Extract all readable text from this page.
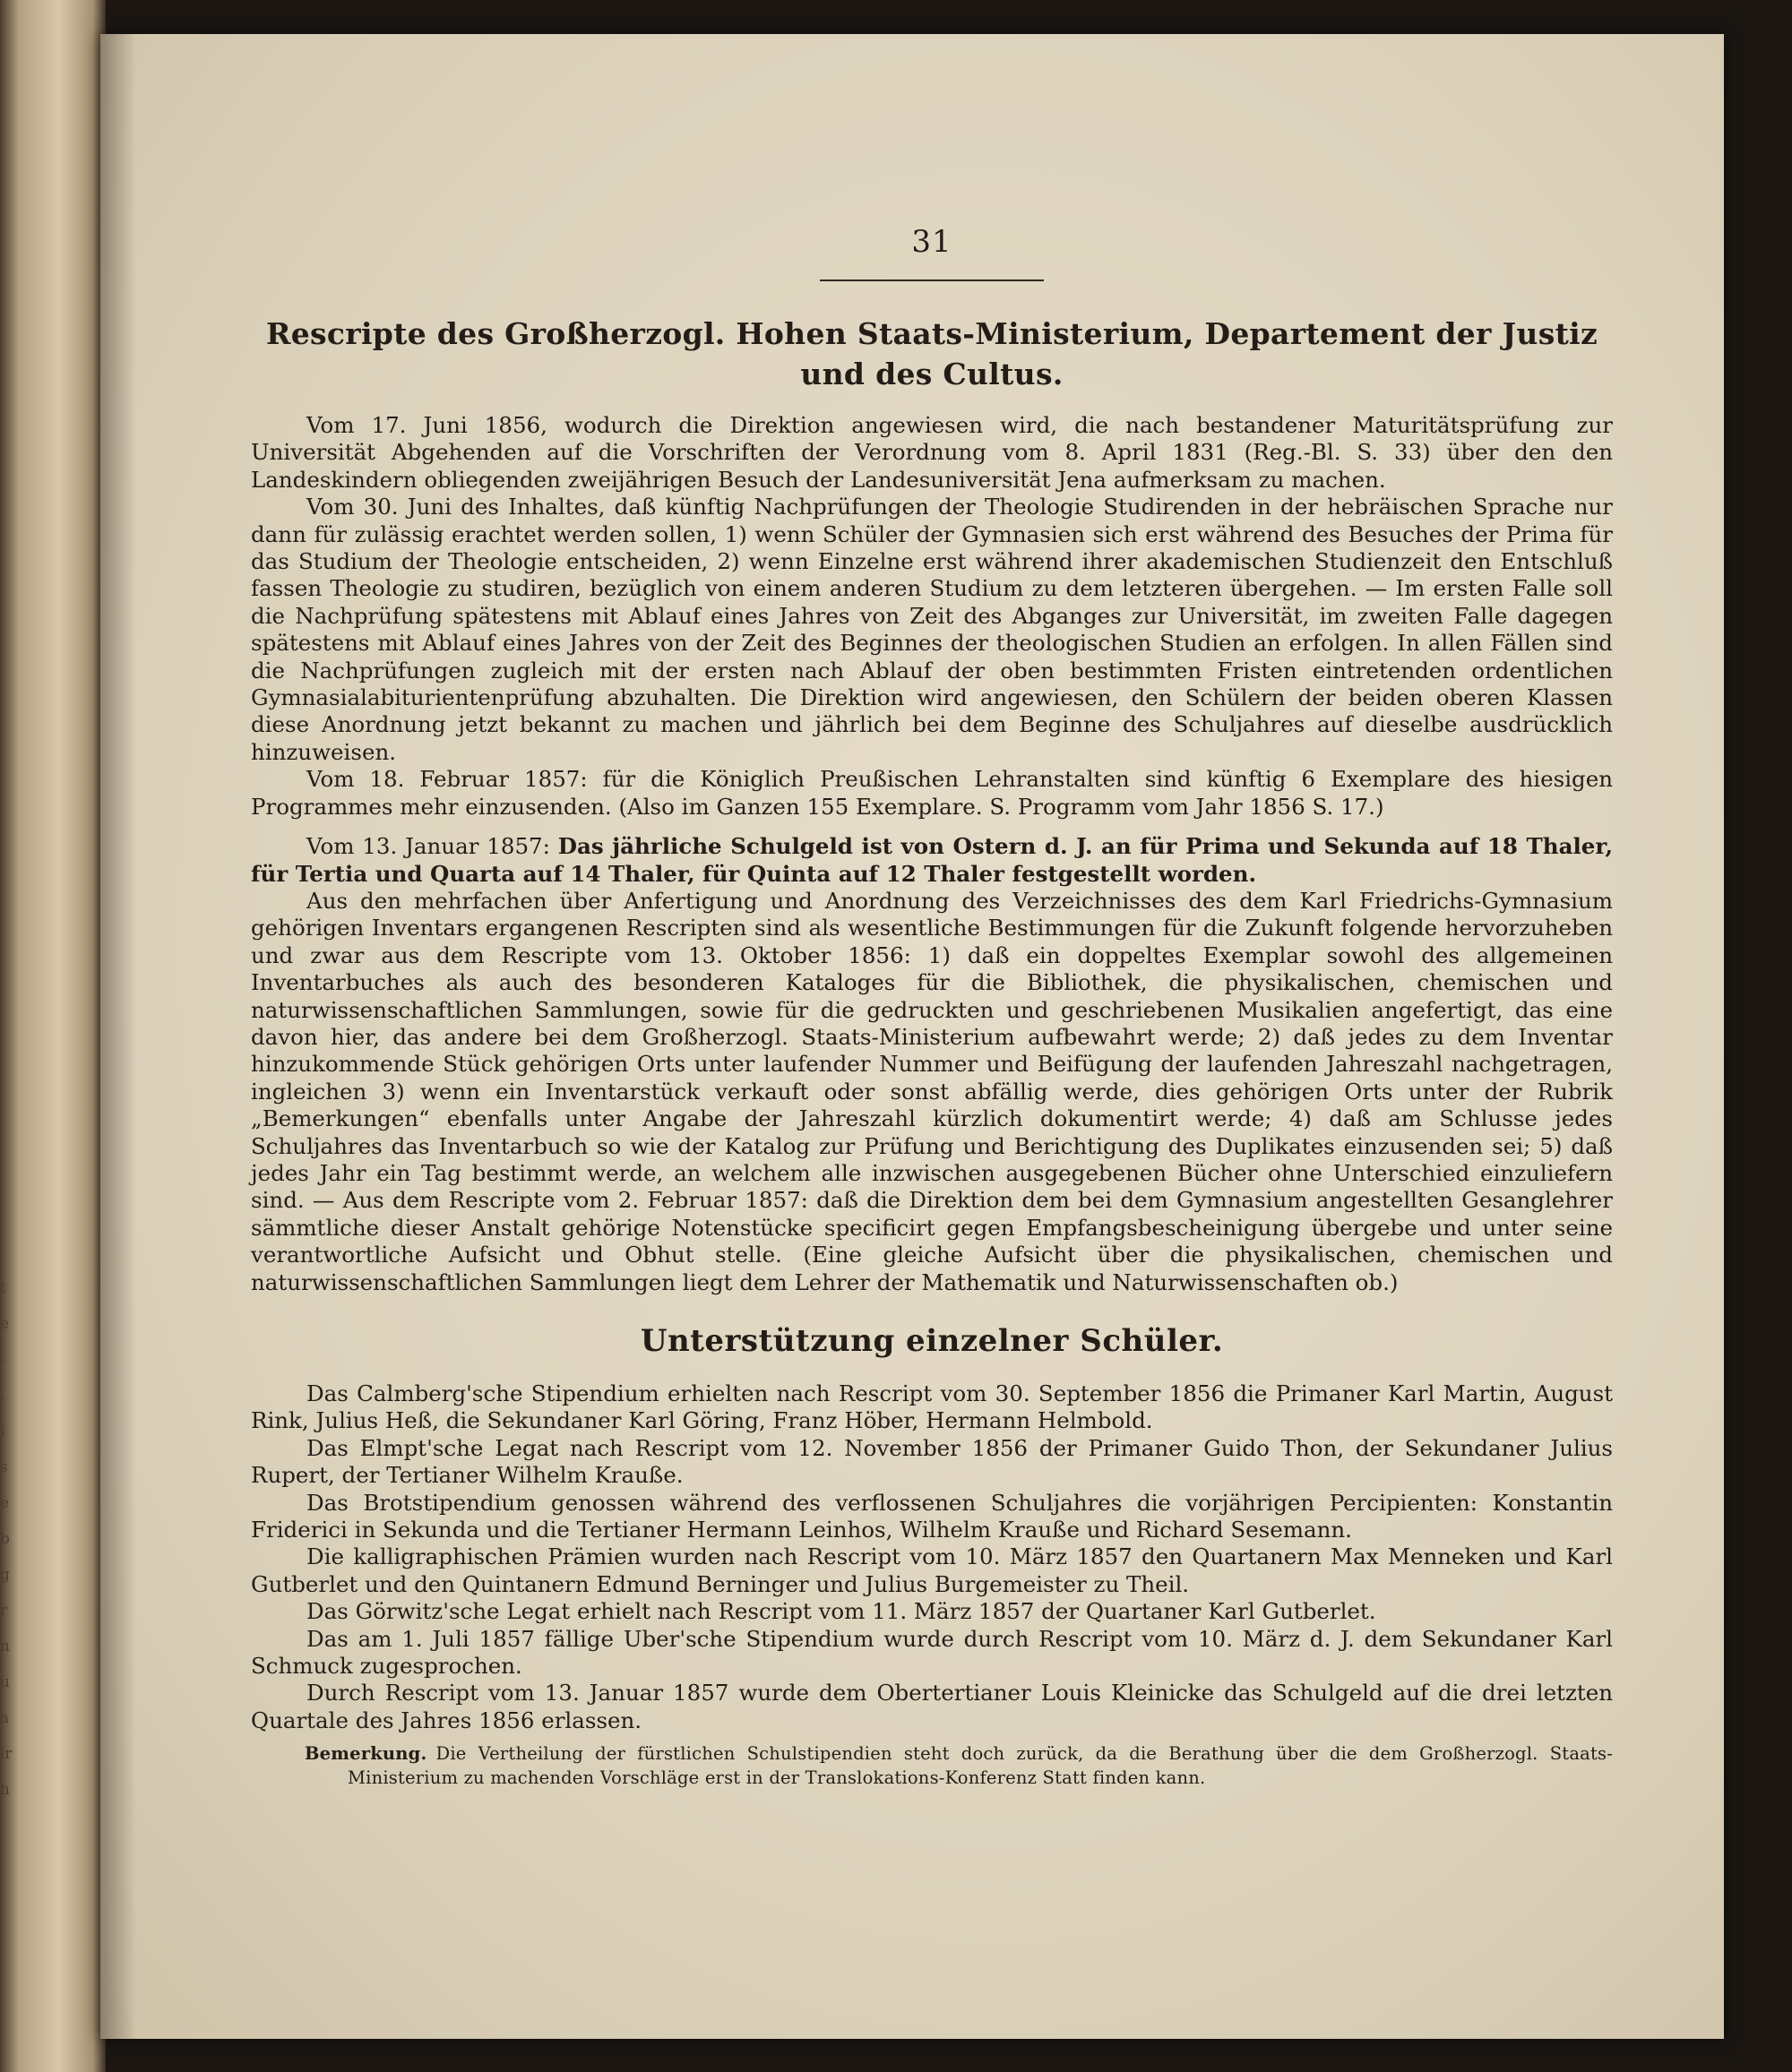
t
e
-
.
i
s
e
b
g
r
n
u
a
ir
h
31
Rescripte des Großherzogl. Hohen Staats-Ministerium, Departement der Justiz und des Cultus.

Vom 17. Juni 1856, wodurch die Direktion angewiesen wird, die nach bestandener Maturitätsprüfung zur Universität Abgehenden auf die Vorschriften der Verordnung vom 8. April 1831 (Reg.-Bl. S. 33) über den den Landeskindern obliegenden zweijährigen Besuch der Landesuniversität Jena aufmerksam zu machen.

Vom 30. Juni des Inhaltes, daß künftig Nachprüfungen der Theologie Studirenden in der hebräischen Sprache nur dann für zulässig erachtet werden sollen, 1) wenn Schüler der Gymnasien sich erst während des Besuches der Prima für das Studium der Theologie entscheiden, 2) wenn Einzelne erst während ihrer akademischen Studienzeit den Entschluß fassen Theologie zu studiren, bezüglich von einem anderen Studium zu dem letzteren übergehen. — Im ersten Falle soll die Nachprüfung spätestens mit Ablauf eines Jahres von Zeit des Abganges zur Universität, im zweiten Falle dagegen spätestens mit Ablauf eines Jahres von der Zeit des Beginnes der theologischen Studien an erfolgen. In allen Fällen sind die Nachprüfungen zugleich mit der ersten nach Ablauf der oben bestimmten Fristen eintretenden ordentlichen Gymnasialabiturientenprüfung abzuhalten. Die Direktion wird angewiesen, den Schülern der beiden oberen Klassen diese Anordnung jetzt bekannt zu machen und jährlich bei dem Beginne des Schuljahres auf dieselbe ausdrücklich hinzuweisen.

Vom 18. Februar 1857: für die Königlich Preußischen Lehranstalten sind künftig 6 Exemplare des hiesigen Programmes mehr einzusenden. (Also im Ganzen 155 Exemplare. S. Programm vom Jahr 1856 S. 17.)

Vom 13. Januar 1857: Das jährliche Schulgeld ist von Ostern d. J. an für Prima und Sekunda auf 18 Thaler, für Tertia und Quarta auf 14 Thaler, für Quinta auf 12 Thaler festgestellt worden.

Aus den mehrfachen über Anfertigung und Anordnung des Verzeichnisses des dem Karl Friedrichs-Gymnasium gehörigen Inventars ergangenen Rescripten sind als wesentliche Bestimmungen für die Zukunft folgende hervorzuheben und zwar aus dem Rescripte vom 13. Oktober 1856: 1) daß ein doppeltes Exemplar sowohl des allgemeinen Inventarbuches als auch des besonderen Kataloges für die Bibliothek, die physikalischen, chemischen und naturwissenschaftlichen Sammlungen, sowie für die gedruckten und geschriebenen Musikalien angefertigt, das eine davon hier, das andere bei dem Großherzogl. Staats-Ministerium aufbewahrt werde; 2) daß jedes zu dem Inventar hinzukommende Stück gehörigen Orts unter laufender Nummer und Beifügung der laufenden Jahreszahl nachgetragen, ingleichen 3) wenn ein Inventarstück verkauft oder sonst abfällig werde, dies gehörigen Orts unter der Rubrik „Bemerkungen“ ebenfalls unter Angabe der Jahreszahl kürzlich dokumentirt werde; 4) daß am Schlusse jedes Schuljahres das Inventarbuch so wie der Katalog zur Prüfung und Berichtigung des Duplikates einzusenden sei; 5) daß jedes Jahr ein Tag bestimmt werde, an welchem alle inzwischen ausgegebenen Bücher ohne Unterschied einzuliefern sind. — Aus dem Rescripte vom 2. Februar 1857: daß die Direktion dem bei dem Gymnasium angestellten Gesanglehrer sämmtliche dieser Anstalt gehörige Notenstücke specificirt gegen Empfangsbescheinigung übergebe und unter seine verantwortliche Aufsicht und Obhut stelle. (Eine gleiche Aufsicht über die physikalischen, chemischen und naturwissenschaftlichen Sammlungen liegt dem Lehrer der Mathematik und Naturwissenschaften ob.)

Unterstützung einzelner Schüler.

Das Calmberg'sche Stipendium erhielten nach Rescript vom 30. September 1856 die Primaner Karl Martin, August Rink, Julius Heß, die Sekundaner Karl Göring, Franz Höber, Hermann Helmbold.

Das Elmpt'sche Legat nach Rescript vom 12. November 1856 der Primaner Guido Thon, der Sekundaner Julius Rupert, der Tertianer Wilhelm Krauße.

Das Brotstipendium genossen während des verflossenen Schuljahres die vorjährigen Percipienten: Konstantin Friderici in Sekunda und die Tertianer Hermann Leinhos, Wilhelm Krauße und Richard Sesemann.

Die kalligraphischen Prämien wurden nach Rescript vom 10. März 1857 den Quartanern Max Menneken und Karl Gutberlet und den Quintanern Edmund Berninger und Julius Burgemeister zu Theil.

Das Görwitz'sche Legat erhielt nach Rescript vom 11. März 1857 der Quartaner Karl Gutberlet.

Das am 1. Juli 1857 fällige Uber'sche Stipendium wurde durch Rescript vom 10. März d. J. dem Sekundaner Karl Schmuck zugesprochen.

Durch Rescript vom 13. Januar 1857 wurde dem Obertertianer Louis Kleinicke das Schulgeld auf die drei letzten Quartale des Jahres 1856 erlassen.

Bemerkung. Die Vertheilung der fürstlichen Schulstipendien steht doch zurück, da die Berathung über die dem Großherzogl. Staats-Ministerium zu machenden Vorschläge erst in der Translokations-Konferenz Statt finden kann.
